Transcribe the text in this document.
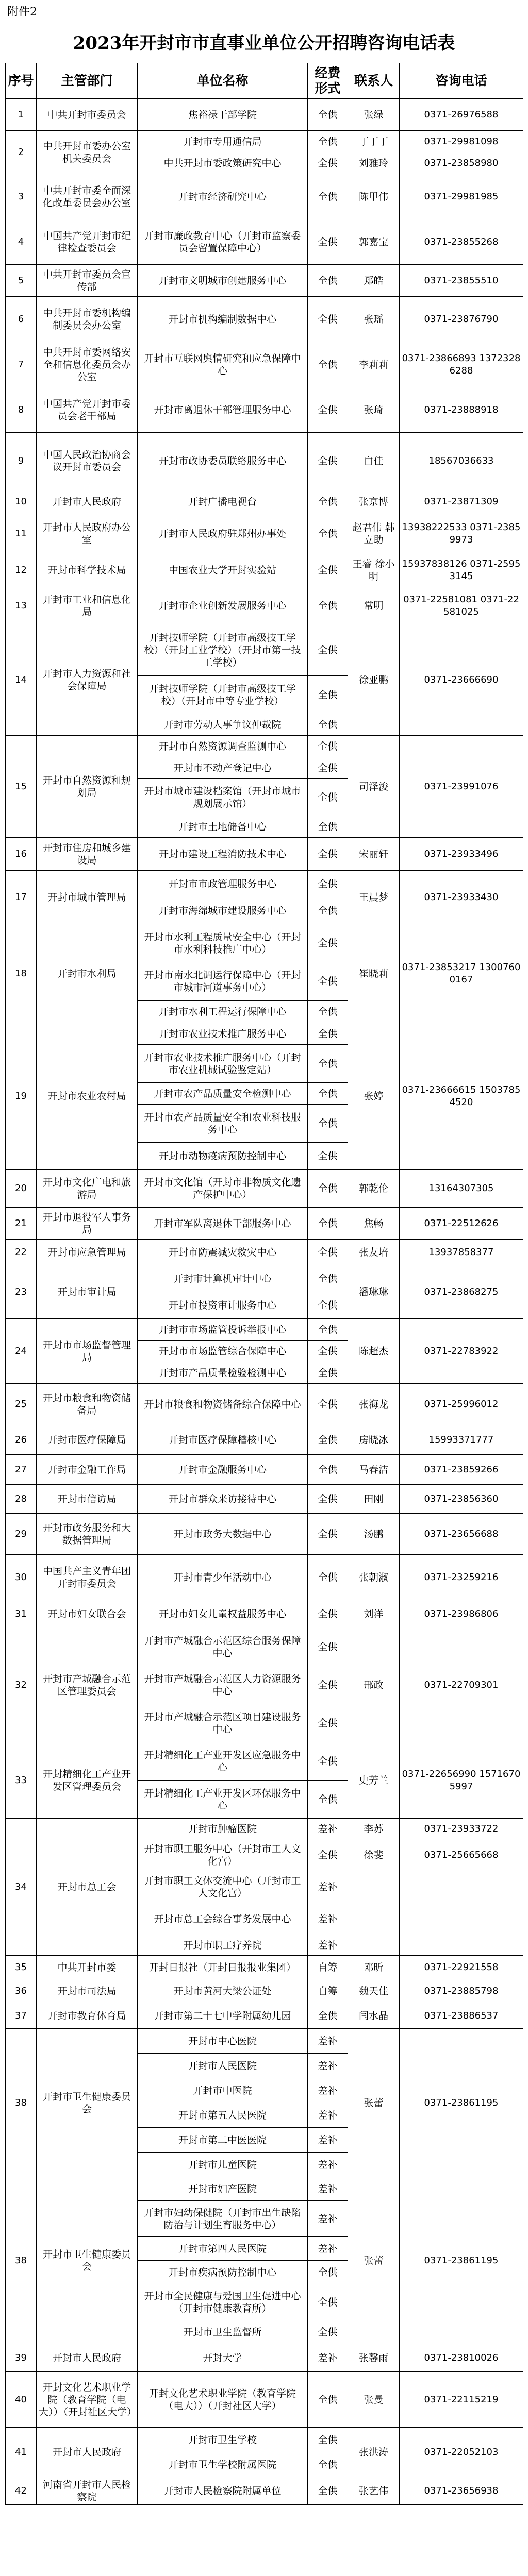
附件2
2023年开封市市直事业单位公开招聘咨询电话表
序号	主管部门	单位名称	经费形式	联系人	咨询电话
1	中共开封市委员会	焦裕禄干部学院	全供	张绿	0371-26976588
2	中共开封市委办公室机关委员会	开封市专用通信局	全供	丁丁丁	0371-29981098
		中共开封市委政策研究中心	全供	刘雅玲	0371-23858980
3	中共开封市委全面深化改革委员会办公室	开封市经济研究中心	全供	陈甲伟	0371-29981985
4	中国共产党开封市纪律检查委员会	开封市廉政教育中心（开封市监察委员会留置保障中心）	全供	郭嘉宝	0371-23855268
5	中共开封市委员会宣传部	开封市文明城市创建服务中心	全供	郑皓	0371-23855510
6	中共开封市委机构编制委员会办公室	开封市机构编制数据中心	全供	张瑶	0371-23876790
7	中共开封市委网络安全和信息化委员会办公室	开封市互联网舆情研究和应急保障中心	全供	李莉莉	0371-23866893 13723286288
8	中国共产党开封市委员会老干部局	开封市离退休干部管理服务中心	全供	张琦	0371-23888918
9	中国人民政治协商会议开封市委员会	开封市政协委员联络服务中心	全供	白佳	18567036633
10	开封市人民政府	开封广播电视台	全供	张京博	0371-23871309
11	开封市人民政府办公室	开封市人民政府驻郑州办事处	全供	赵君伟 韩立助	13938222533 0371-23859973
12	开封市科学技术局	中国农业大学开封实验站	全供	王睿 徐小明	15937838126 0371-25953145
13	开封市工业和信息化局	开封市企业创新发展服务中心	全供	常明	0371-22581081 0371-22581025
14	开封市人力资源和社会保障局	开封技师学院（开封市高级技工学校）（开封工业学校）（开封市第一技工学校）	全供	徐亚鹏	0371-23666690
		开封技师学院（开封市高级技工学校）（开封市中等专业学校）	全供		
		开封市劳动人事争议仲裁院	全供		
15	开封市自然资源和规划局	开封市自然资源调查监测中心	全供	司泽浚	0371-23991076
		开封市不动产登记中心	全供		
		开封市城市建设档案馆（开封市城市规划展示馆）	全供		
		开封市土地储备中心	全供		
16	开封市住房和城乡建设局	开封市建设工程消防技术中心	全供	宋丽轩	0371-23933496
17	开封市城市管理局	开封市市政管理服务中心	全供	王晨梦	0371-23933430
		开封市海绵城市建设服务中心	全供		
18	开封市水利局	开封市水利工程质量安全中心（开封市水利科技推广中心）	全供	崔晓莉	0371-23853217 13007600167
		开封市南水北调运行保障中心（开封市城市河道事务中心）	全供		
		开封市水利工程运行保障中心	全供		
19	开封市农业农村局	开封市农业技术推广服务中心	全供	张婷	0371-23666615 15037854520
		开封市农业技术推广服务中心（开封市农业机械试验鉴定站）	全供		
		开封市农产品质量安全检测中心	全供		
		开封市农产品质量安全和农业科技服务中心	全供		
		开封市动物疫病预防控制中心	全供		
20	开封市文化广电和旅游局	开封市文化馆（开封市非物质文化遗产保护中心）	全供	郭乾伦	13164307305
21	开封市退役军人事务局	开封市军队离退休干部服务中心	全供	焦畅	0371-22512626
22	开封市应急管理局	开封市防震减灾救灾中心	全供	张友培	13937858377
23	开封市审计局	开封市计算机审计中心	全供	潘琳琳	0371-23868275
		开封市投资审计服务中心	全供		
24	开封市市场监督管理局	开封市市场监管投诉举报中心	全供	陈超杰	0371-22783922
		开封市市场监管综合保障中心	全供		
		开封市产品质量检验检测中心	全供		
25	开封市粮食和物资储备局	开封市粮食和物资储备综合保障中心	全供	张海龙	0371-25996012
26	开封市医疗保障局	开封市医疗保障稽核中心	全供	房晓冰	15993371777
27	开封市金融工作局	开封市金融服务中心	全供	马春洁	0371-23859266
28	开封市信访局	开封市群众来访接待中心	全供	田刚	0371-23856360
29	开封市政务服务和大数据管理局	开封市政务大数据中心	全供	汤鹏	0371-23656688
30	中国共产主义青年团开封市委员会	开封市青少年活动中心	全供	张朝淑	0371-23259216
31	开封市妇女联合会	开封市妇女儿童权益服务中心	全供	刘洋	0371-23986806
32	开封市产城融合示范区管理委员会	开封市产城融合示范区综合服务保障中心	全供	邢政	0371-22709301
		开封市产城融合示范区人力资源服务中心	全供		
		开封市产城融合示范区项目建设服务中心	全供		
33	开封精细化工产业开发区管理委员会	开封精细化工产业开发区应急服务中心	全供	史芳兰	0371-22656990 15716705997
		开封精细化工产业开发区环保服务中心	全供		
34	开封市总工会	开封市肿瘤医院	差补	李苏	0371-23933722
		开封市职工服务中心（开封市工人文化宫）	全供	徐斐	0371-25665668
		开封市职工文体交流中心（开封市工人文化宫）	差补		
		开封市总工会综合事务发展中心	差补		
		开封市职工疗养院	差补		
35	中共开封市委	开封日报社（开封日报报业集团）	自筹	邓昕	0371-22921558
36	开封市司法局	开封市黄河大梁公证处	自筹	魏天佳	0371-23885798
37	开封市教育体育局	开封市第二十七中学附属幼儿园	全供	闫水晶	0371-23886537
38	开封市卫生健康委员会	开封市中心医院	差补	张蕾	0371-23861195
		开封市人民医院	差补		
		开封市中医院	差补		
		开封市第五人民医院	差补		
		开封市第二中医医院	差补		
		开封市儿童医院	差补		
38	开封市卫生健康委员会	开封市妇产医院	差补	张蕾	0371-23861195
		开封市妇幼保健院（开封市出生缺陷防治与计划生育服务中心）	差补		
		开封市第四人民医院	差补		
		开封市疾病预防控制中心	全供		
		开封市全民健康与爱国卫生促进中心（开封市健康教育所）	全供		
		开封市卫生监督所	全供		
39	开封市人民政府	开封大学	差补	张馨雨	0371-23810026
40	开封文化艺术职业学院（教育学院（电大））（开封社区大学）	开封文化艺术职业学院（教育学院（电大））（开封社区大学）	全供	张曼	0371-22115219
41	开封市人民政府	开封市卫生学校	全供	张洪涛	0371-22052103
		开封市卫生学校附属医院	全供		
42	河南省开封市人民检察院	开封市人民检察院附属单位	全供	张艺伟	0371-23656938
